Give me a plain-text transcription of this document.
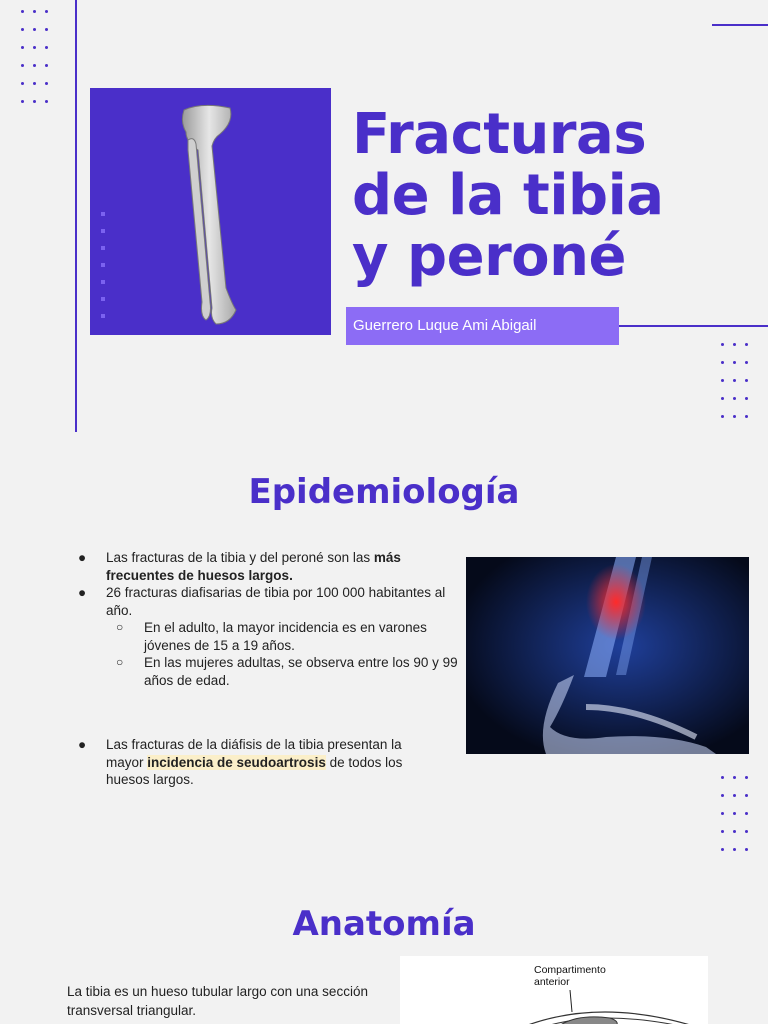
Fracturas
de la tibia
y peroné
Guerrero Luque Ami Abigail
Epidemiología
● Las fracturas de la tibia y del peroné son las más frecuentes de huesos largos.
● 26 fracturas diafisarias de tibia por 100 000 habitantes al año.
○ En el adulto, la mayor incidencia es en varones jóvenes de 15 a 19 años.
○ En las mujeres adultas, se observa entre los 90 y 99 años de edad.
● Las fracturas de la diáfisis de la tibia presentan la mayor incidencia de seudoartrosis de todos los huesos largos.
Anatomía
La tibia es un hueso tubular largo con una sección transversal triangular.
Compartimento
anterior
